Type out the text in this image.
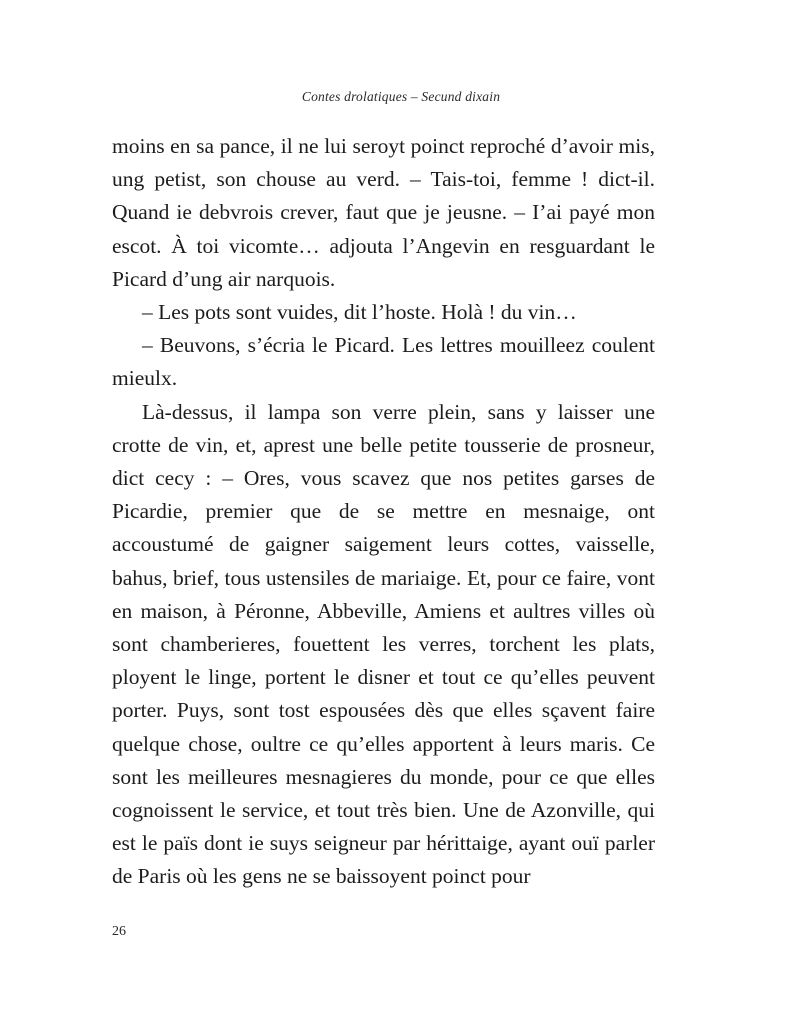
Contes drolatiques – Secund dixain

moins en sa pance, il ne lui seroyt poinct reproché d’avoir mis, ung petist, son chouse au verd. – Tais-toi, femme ! dict-il. Quand ie debvrois crever, faut que je jeusne. – I’ai payé mon escot. À toi vicomte… adjouta l’Angevin en resguardant le Picard d’ung air narquois.

– Les pots sont vuides, dit l’hoste. Holà ! du vin…

– Beuvons, s’écria le Picard. Les lettres mouilleez coulent mieulx.

Là-dessus, il lampa son verre plein, sans y laisser une crotte de vin, et, aprest une belle petite tousserie de prosneur, dict cecy : – Ores, vous scavez que nos petites garses de Picardie, premier que de se mettre en mesnaige, ont accoustumé de gaigner saigement leurs cottes, vaisselle, bahus, brief, tous ustensiles de mariaige. Et, pour ce faire, vont en maison, à Péronne, Abbeville, Amiens et aultres villes où sont chamberieres, fouettent les verres, torchent les plats, ployent le linge, portent le disner et tout ce qu’elles peuvent porter. Puys, sont tost espousées dès que elles sçavent faire quelque chose, oultre ce qu’elles apportent à leurs maris. Ce sont les meilleures mesnagieres du monde, pour ce que elles cognoissent le service, et tout très bien. Une de Azonville, qui est le païs dont ie suys seigneur par hérittaige, ayant ouï parler de Paris où les gens ne se baissoyent poinct pour

26
